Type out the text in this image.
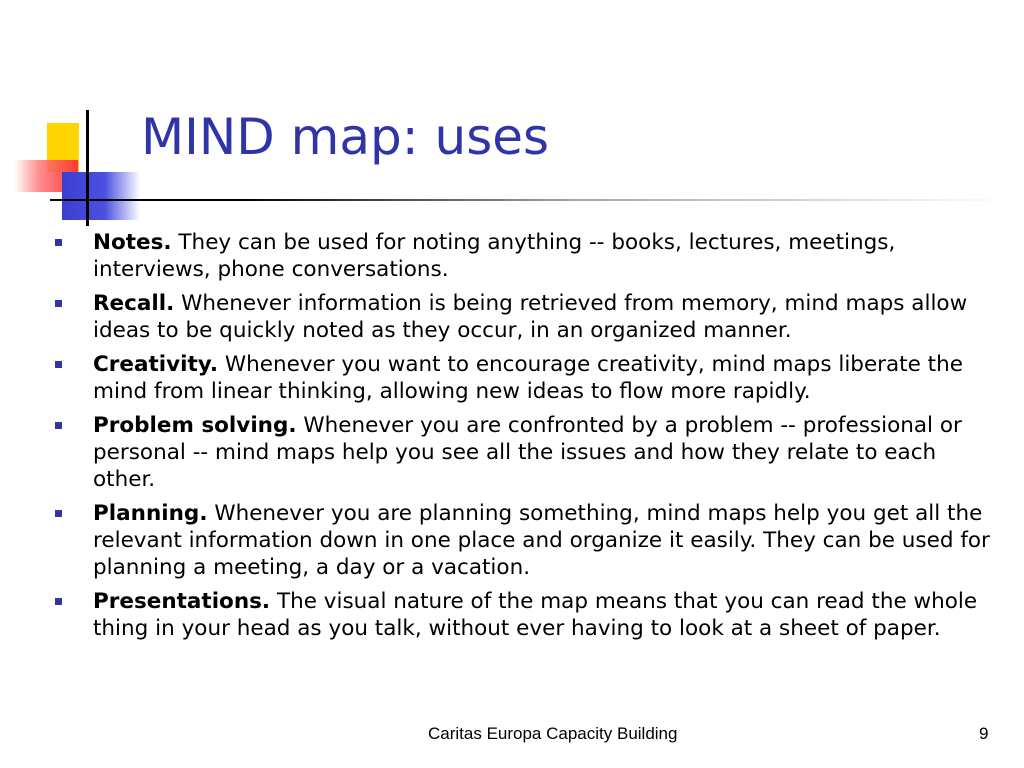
MIND map: uses
Notes. They can be used for noting anything -- books, lectures, meetings, interviews, phone conversations.
Recall. Whenever information is being retrieved from memory, mind maps allow ideas to be quickly noted as they occur, in an organized manner.
Creativity. Whenever you want to encourage creativity, mind maps liberate the mind from linear thinking, allowing new ideas to flow more rapidly.
Problem solving. Whenever you are confronted by a problem -- professional or personal -- mind maps help you see all the issues and how they relate to each other.
Planning. Whenever you are planning something, mind maps help you get all the relevant information down in one place and organize it easily. They can be used for planning a meeting, a day or a vacation.
Presentations. The visual nature of the map means that you can read the whole thing in your head as you talk, without ever having to look at a sheet of paper.
Caritas Europa Capacity Building	9
